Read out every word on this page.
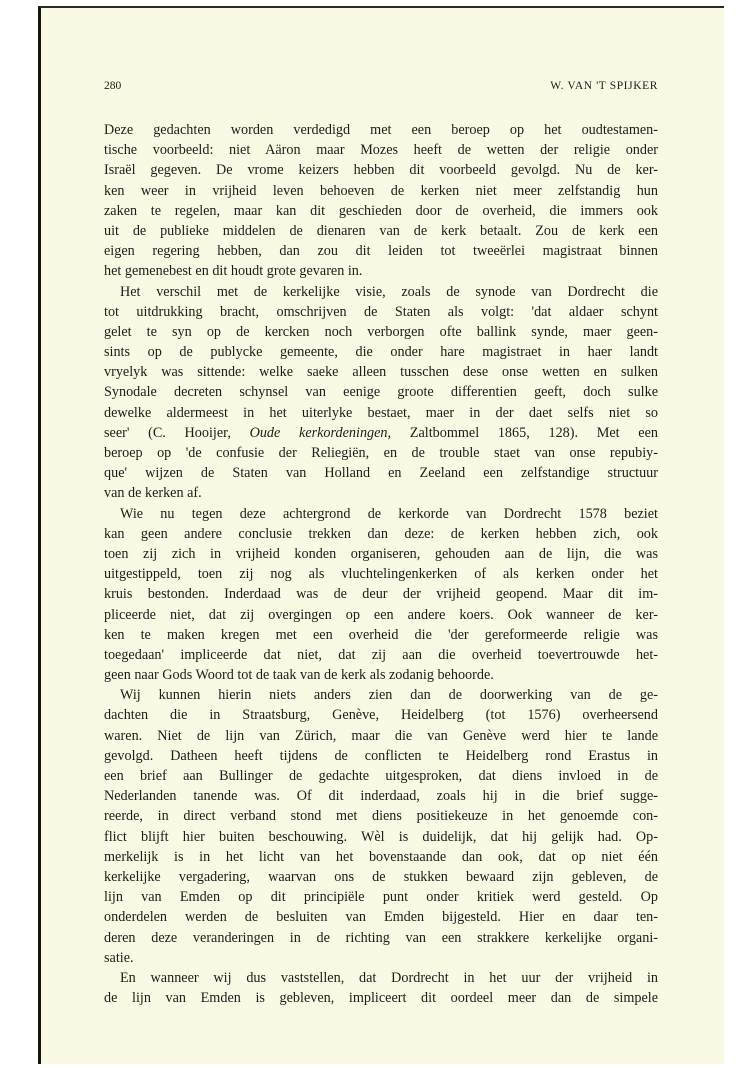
280	W. VAN 'T SPIJKER
Deze gedachten worden verdedigd met een beroep op het oudtestamen-
tische voorbeeld: niet Aäron maar Mozes heeft de wetten der religie onder
Israël gegeven. De vrome keizers hebben dit voorbeeld gevolgd. Nu de ker-
ken weer in vrijheid leven behoeven de kerken niet meer zelfstandig hun
zaken te regelen, maar kan dit geschieden door de overheid, die immers ook
uit de publieke middelen de dienaren van de kerk betaalt. Zou de kerk een
eigen regering hebben, dan zou dit leiden tot tweeërlei magistraat binnen
het gemenebest en dit houdt grote gevaren in.
Het verschil met de kerkelijke visie, zoals de synode van Dordrecht die
tot uitdrukking bracht, omschrijven de Staten als volgt: 'dat aldaer schynt
gelet te syn op de kercken noch verborgen ofte ballink synde, maer geen-
sints op de publycke gemeente, die onder hare magistraet in haer landt
vryelyk was sittende: welke saeke alleen tusschen dese onse wetten en sulken
Synodale decreten schynsel van eenige groote differentien geeft, doch sulke
dewelke aldermeest in het uiterlyke bestaet, maer in der daet selfs niet so
seer' (C. Hooijer, Oude kerkordeningen, Zaltbommel 1865, 128). Met een
beroep op 'de confusie der Reliegiën, en de trouble staet van onse repubiy-
que' wijzen de Staten van Holland en Zeeland een zelfstandige structuur
van de kerken af.
Wie nu tegen deze achtergrond de kerkorde van Dordrecht 1578 beziet
kan geen andere conclusie trekken dan deze: de kerken hebben zich, ook
toen zij zich in vrijheid konden organiseren, gehouden aan de lijn, die was
uitgestippeld, toen zij nog als vluchtelingenkerken of als kerken onder het
kruis bestonden. Inderdaad was de deur der vrijheid geopend. Maar dit im-
pliceerde niet, dat zij overgingen op een andere koers. Ook wanneer de ker-
ken te maken kregen met een overheid die 'der gereformeerde religie was
toegedaan' impliceerde dat niet, dat zij aan die overheid toevertrouwde het-
geen naar Gods Woord tot de taak van de kerk als zodanig behoorde.
Wij kunnen hierin niets anders zien dan de doorwerking van de ge-
dachten die in Straatsburg, Genève, Heidelberg (tot 1576) overheersend
waren. Niet de lijn van Zürich, maar die van Genève werd hier te lande
gevolgd. Datheen heeft tijdens de conflicten te Heidelberg rond Erastus in
een brief aan Bullinger de gedachte uitgesproken, dat diens invloed in de
Nederlanden tanende was. Of dit inderdaad, zoals hij in die brief sugge-
reerde, in direct verband stond met diens positiekeuze in het genoemde con-
flict blijft hier buiten beschouwing. Wèl is duidelijk, dat hij gelijk had. Op-
merkelijk is in het licht van het bovenstaande dan ook, dat op niet één
kerkelijke vergadering, waarvan ons de stukken bewaard zijn gebleven, de
lijn van Emden op dit principiële punt onder kritiek werd gesteld. Op
onderdelen werden de besluiten van Emden bijgesteld. Hier en daar ten-
deren deze veranderingen in de richting van een strakkere kerkelijke organi-
satie.
En wanneer wij dus vaststellen, dat Dordrecht in het uur der vrijheid in
de lijn van Emden is gebleven, impliceert dit oordeel meer dan de simpele
